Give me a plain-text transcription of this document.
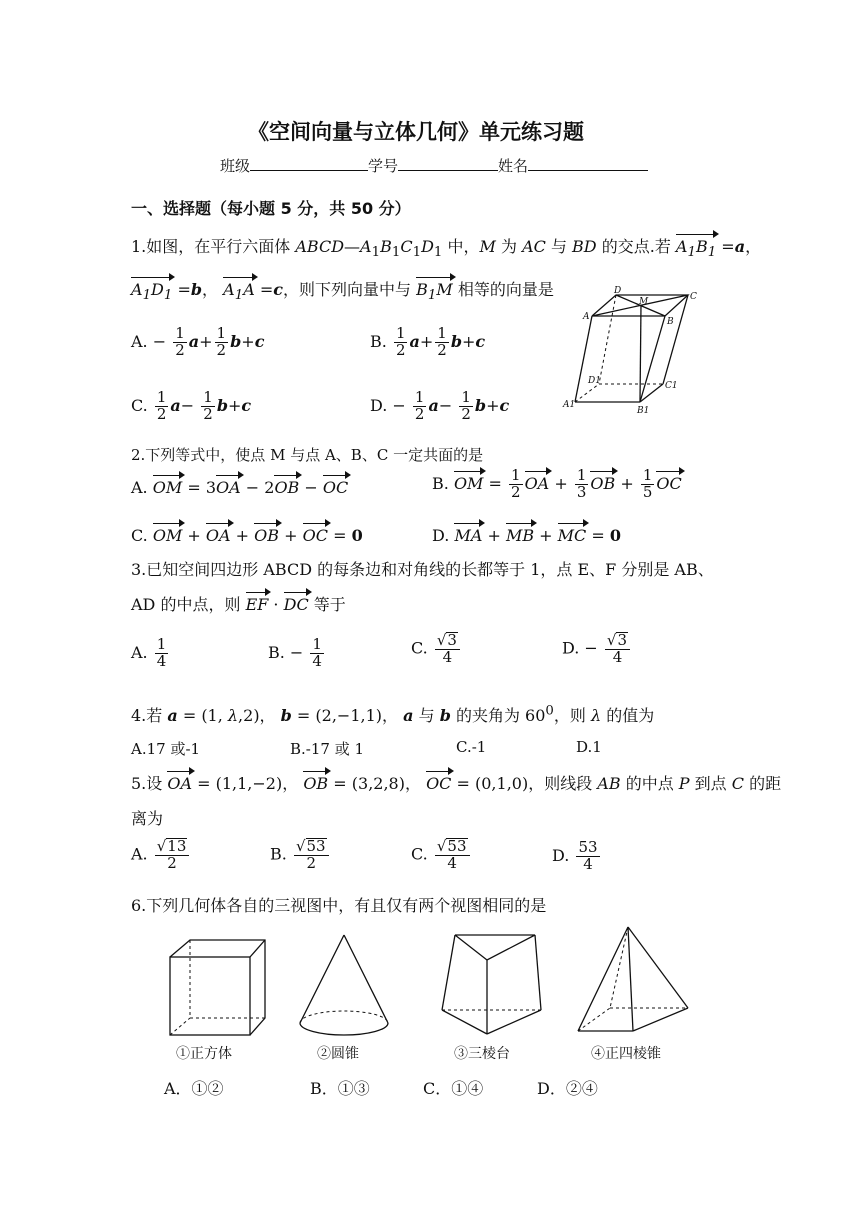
《空间向量与立体几何》单元练习题
班级	学号	姓名
一、选择题（每小题 5 分，共 50 分）
1.如图，在平行六面体 $ABCD—A_1B_1C_1D_1$ 中，M 为 AC 与 BD 的交点.若 $A_1B_1 =a$，
$A_1D_1 =b$， $A_1A =c$，则下列向量中与 $B_1M$ 相等的向量是
A. − $\frac{1}{2} a+ \frac{1}{2} b+c$	B. $\frac{1}{2} a+ \frac{1}{2} b+c$
C. $\frac{1}{2} a- \frac{1}{2} b+c$	D. − $\frac{1}{2} a- \frac{1}{2} b+c$
D
M	C
A	B
D1	C1
A1
B1
2.下列等式中，使点 M 与点 A、B、C 一定共面的是
A. OM = 3OA − 2OB − OC	B. OM = $\frac{1}{2}$ OA + $\frac{1}{3}$ OB + $\frac{1}{5}$ OC
C. OM + OA + OB + OC = 0	D. MA + MB + MC = 0
3.已知空间四边形 ABCD 的每条边和对角线的长都等于 1，点 E、F 分别是 AB、
AD 的中点，则 EF · DC 等于
A. $\frac{1}{4}$	B. − $\frac{1}{4}$	C. $\frac{√3}{4}$	D. − $\frac{√3}{4}$
4.若 a = (1, λ,2)， b = (2,−1,1)， a 与 b 的夹角为 $60^0$，则 λ 的值为
A.17 或-1	B.-17 或 1	C.-1	D.1
5.设 OA = (1,1,−2)， OB = (3,2,8)， OC = (0,1,0)，则线段 AB 的中点 P 到点 C 的距
离为
A. $\frac{√13}{2}$	B. $\frac{√53}{2}$	C. $\frac{√53}{4}$	D. $\frac{53}{4}$
6.下列几何体各自的三视图中，有且仅有两个视图相同的是
①正方体	②圆锥	③三棱台	④正四棱锥
A．①②	B．①③	C．①④	D．②④
